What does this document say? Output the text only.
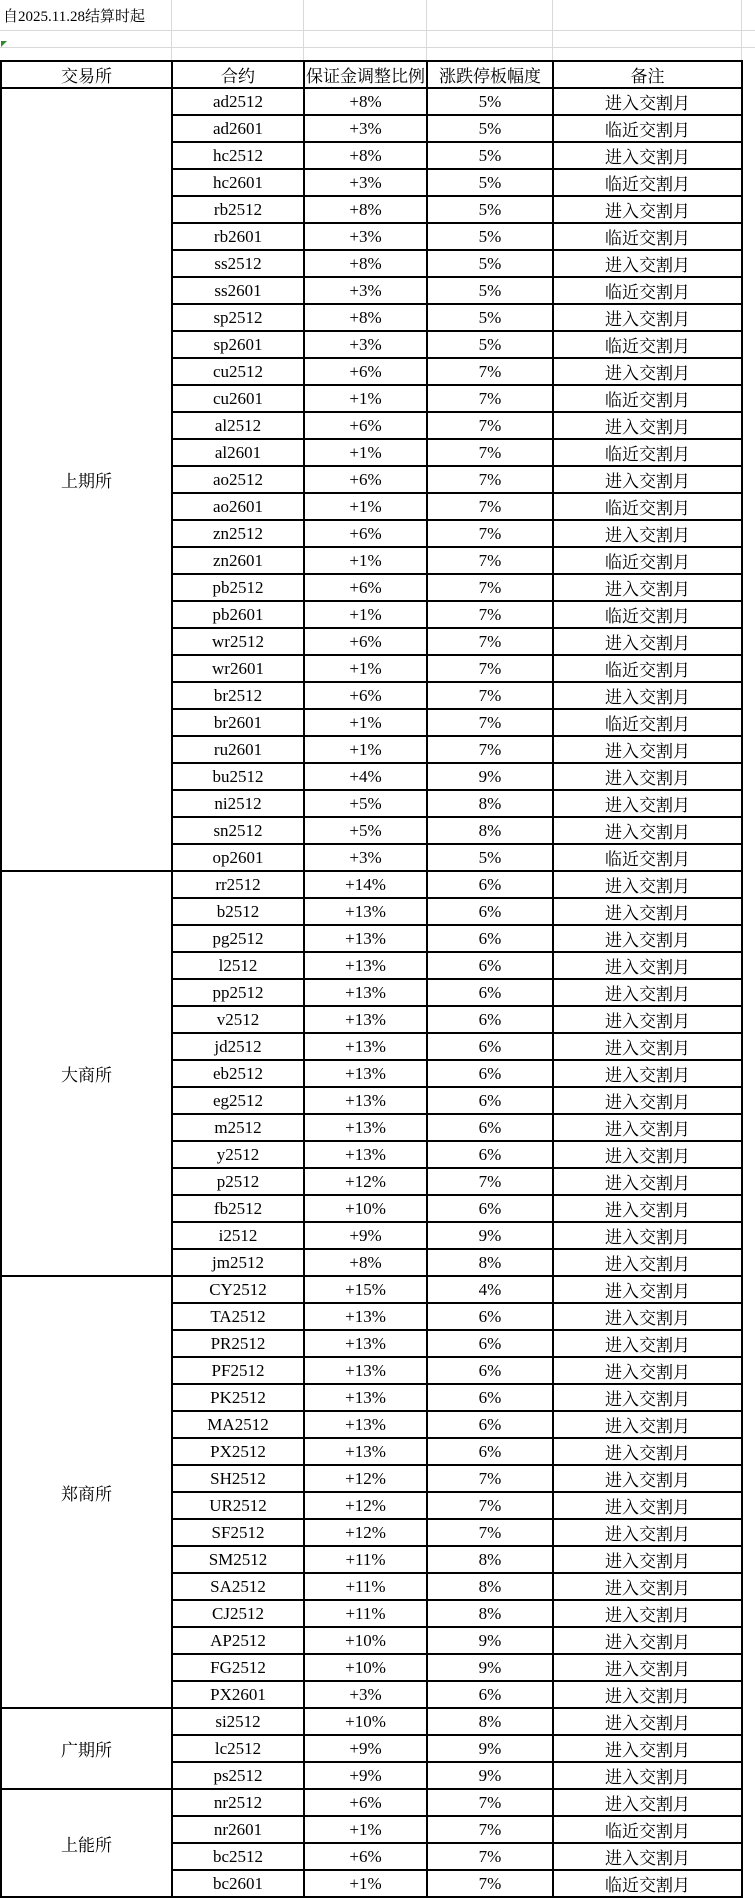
自2025.11.28结算时起
交易所	合约	保证金调整比例	涨跌停板幅度	备注
上期所	ad2512	+8%	5%	进入交割月
	ad2601	+3%	5%	临近交割月
	hc2512	+8%	5%	进入交割月
	hc2601	+3%	5%	临近交割月
	rb2512	+8%	5%	进入交割月
	rb2601	+3%	5%	临近交割月
	ss2512	+8%	5%	进入交割月
	ss2601	+3%	5%	临近交割月
	sp2512	+8%	5%	进入交割月
	sp2601	+3%	5%	临近交割月
	cu2512	+6%	7%	进入交割月
	cu2601	+1%	7%	临近交割月
	al2512	+6%	7%	进入交割月
	al2601	+1%	7%	临近交割月
	ao2512	+6%	7%	进入交割月
	ao2601	+1%	7%	临近交割月
	zn2512	+6%	7%	进入交割月
	zn2601	+1%	7%	临近交割月
	pb2512	+6%	7%	进入交割月
	pb2601	+1%	7%	临近交割月
	wr2512	+6%	7%	进入交割月
	wr2601	+1%	7%	临近交割月
	br2512	+6%	7%	进入交割月
	br2601	+1%	7%	临近交割月
	ru2601	+1%	7%	进入交割月
	bu2512	+4%	9%	进入交割月
	ni2512	+5%	8%	进入交割月
	sn2512	+5%	8%	进入交割月
	op2601	+3%	5%	临近交割月
大商所	rr2512	+14%	6%	进入交割月
	b2512	+13%	6%	进入交割月
	pg2512	+13%	6%	进入交割月
	l2512	+13%	6%	进入交割月
	pp2512	+13%	6%	进入交割月
	v2512	+13%	6%	进入交割月
	jd2512	+13%	6%	进入交割月
	eb2512	+13%	6%	进入交割月
	eg2512	+13%	6%	进入交割月
	m2512	+13%	6%	进入交割月
	y2512	+13%	6%	进入交割月
	p2512	+12%	7%	进入交割月
	fb2512	+10%	6%	进入交割月
	i2512	+9%	9%	进入交割月
	jm2512	+8%	8%	进入交割月
郑商所	CY2512	+15%	4%	进入交割月
	TA2512	+13%	6%	进入交割月
	PR2512	+13%	6%	进入交割月
	PF2512	+13%	6%	进入交割月
	PK2512	+13%	6%	进入交割月
	MA2512	+13%	6%	进入交割月
	PX2512	+13%	6%	进入交割月
	SH2512	+12%	7%	进入交割月
	UR2512	+12%	7%	进入交割月
	SF2512	+12%	7%	进入交割月
	SM2512	+11%	8%	进入交割月
	SA2512	+11%	8%	进入交割月
	CJ2512	+11%	8%	进入交割月
	AP2512	+10%	9%	进入交割月
	FG2512	+10%	9%	进入交割月
	PX2601	+3%	6%	进入交割月
广期所	si2512	+10%	8%	进入交割月
	lc2512	+9%	9%	进入交割月
	ps2512	+9%	9%	进入交割月
上能所	nr2512	+6%	7%	进入交割月
	nr2601	+1%	7%	临近交割月
	bc2512	+6%	7%	进入交割月
	bc2601	+1%	7%	临近交割月
